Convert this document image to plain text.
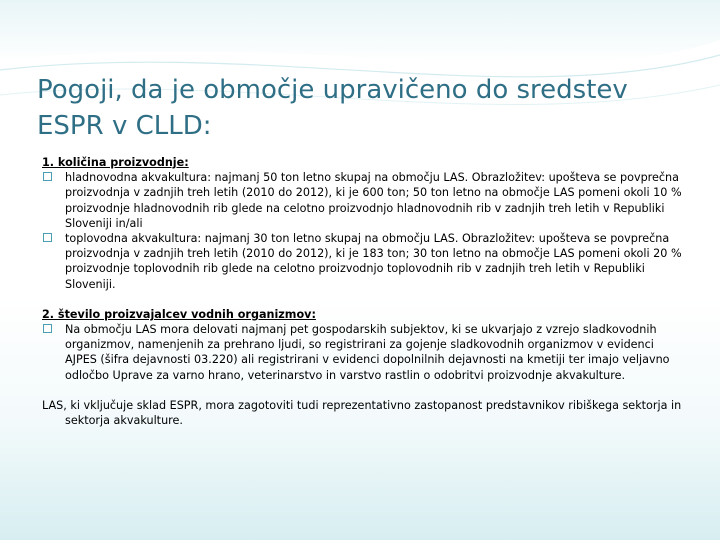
Pogoji, da je območje upravičeno do sredstev ESPR v CLLD:

1. količina proizvodnje:

hladnovodna akvakultura: najmanj 50 ton letno skupaj na območju LAS. Obrazložitev: upošteva se povprečna proizvodnja v zadnjih treh letih (2010 do 2012), ki je 600 ton; 50 ton letno na območje LAS pomeni okoli 10 % proizvodnje hladnovodnih rib glede na celotno proizvodnjo hladnovodnih rib v zadnjih treh letih v Republiki Sloveniji in/ali

toplovodna akvakultura: najmanj 30 ton letno skupaj na območju LAS. Obrazložitev: upošteva se povprečna proizvodnja v zadnjih treh letih (2010 do 2012), ki je 183 ton; 30 ton letno na območje LAS pomeni okoli 20 % proizvodnje toplovodnih rib glede na celotno proizvodnjo toplovodnih rib v zadnjih treh letih v Republiki Sloveniji.

2. število proizvajalcev vodnih organizmov:

Na območju LAS mora delovati najmanj pet gospodarskih subjektov, ki se ukvarjajo z vzrejo sladkovodnih organizmov, namenjenih za prehrano ljudi, so registrirani za gojenje sladkovodnih organizmov v evidenci AJPES (šifra dejavnosti 03.220) ali registrirani v evidenci dopolnilnih dejavnosti na kmetiji ter imajo veljavno odločbo Uprave za varno hrano, veterinarstvo in varstvo rastlin o odobritvi proizvodnje akvakulture.

LAS, ki vključuje sklad ESPR, mora zagotoviti tudi reprezentativno zastopanost predstavnikov ribiškega sektorja in sektorja akvakulture.
